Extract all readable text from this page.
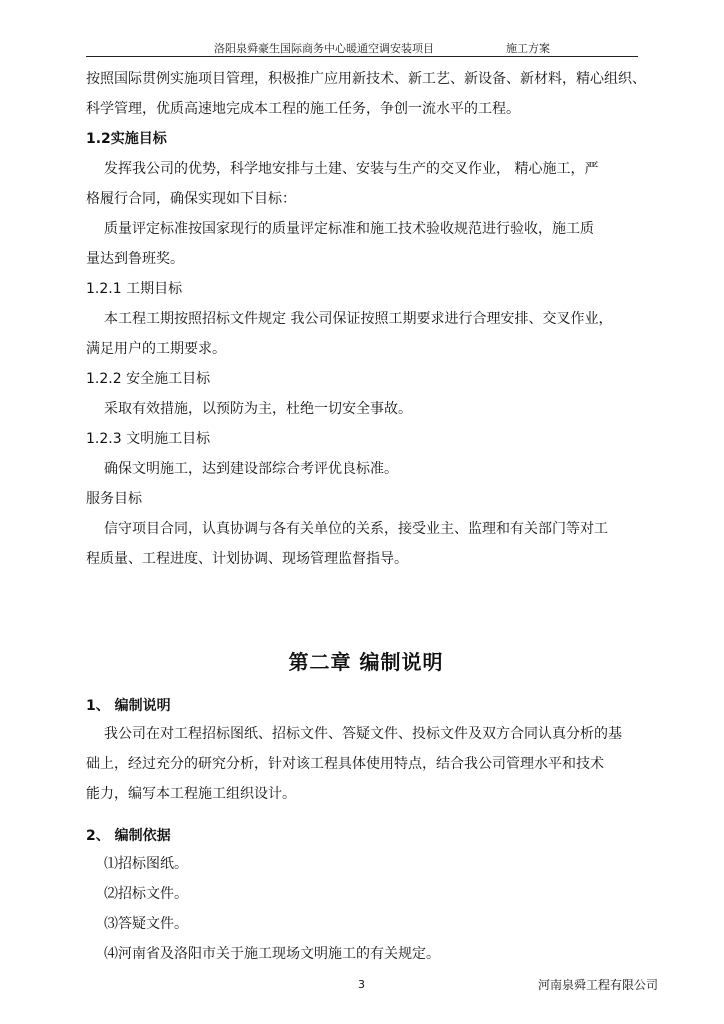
洛阳泉舜豪生国际商务中心暖通空调安装项目	施工方案

按照国际贯例实施项目管理，积极推广应用新技术、新工艺、新设备、新材料，精心组织、

科学管理，优质高速地完成本工程的施工任务，争创一流水平的工程。

1.2实施目标

发挥我公司的优势，科学地安排与土建、安装与生产的交叉作业， 精心施工，严

格履行合同，确保实现如下目标：

质量评定标准按国家现行的质量评定标准和施工技术验收规范进行验收，施工质

量达到鲁班奖。

1.2.1 工期目标

本工程工期按照招标文件规定 我公司保证按照工期要求进行合理安排、交叉作业，

满足用户的工期要求。

1.2.2 安全施工目标

采取有效措施，以预防为主，杜绝一切安全事故。

1.2.3 文明施工目标

确保文明施工，达到建设部综合考评优良标准。

服务目标

信守项目合同，认真协调与各有关单位的关系，接受业主、监理和有关部门等对工

程质量、工程进度、计划协调、现场管理监督指导。

第二章 编制说明

1、 编制说明

我公司在对工程招标图纸、招标文件、答疑文件、投标文件及双方合同认真分析的基

础上，经过充分的研究分析，针对该工程具体使用特点，结合我公司管理水平和技术

能力，编写本工程施工组织设计。

2、 编制依据

⑴招标图纸。

⑵招标文件。

⑶答疑文件。

⑷河南省及洛阳市关于施工现场文明施工的有关规定。

3	河南泉舜工程有限公司
